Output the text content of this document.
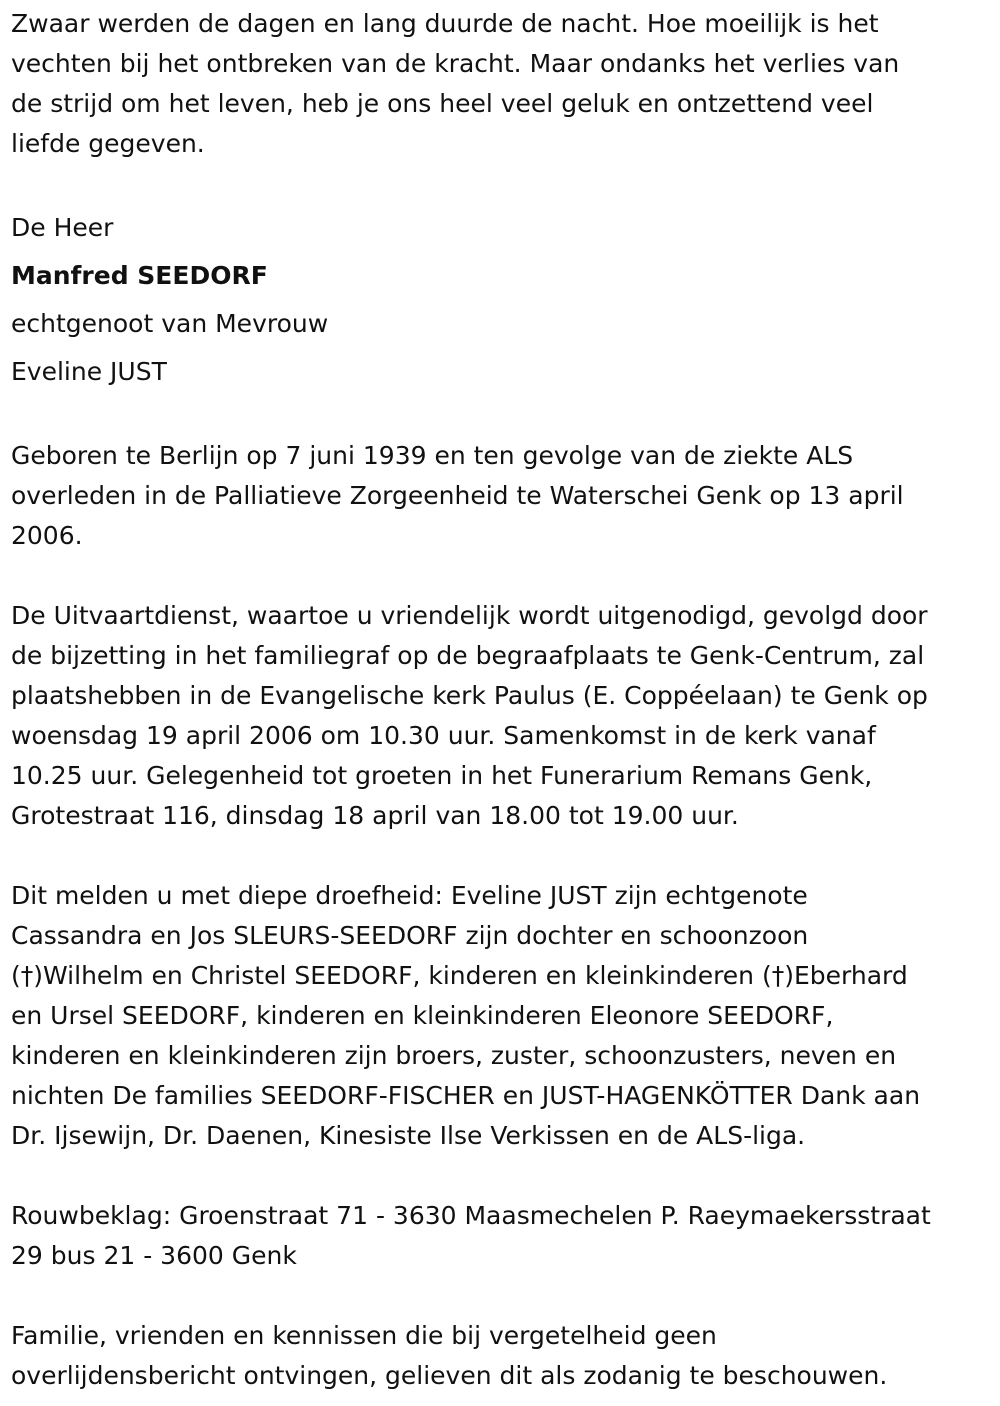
Zwaar werden de dagen en lang duurde de nacht. Hoe moeilijk is het
vechten bij het ontbreken van de kracht. Maar ondanks het verlies van
de strijd om het leven, heb je ons heel veel geluk en ontzettend veel
liefde gegeven.

De Heer

Manfred SEEDORF

echtgenoot van Mevrouw

Eveline JUST

Geboren te Berlijn op 7 juni 1939 en ten gevolge van de ziekte ALS
overleden in de Palliatieve Zorgeenheid te Waterschei Genk op 13 april
2006.

De Uitvaartdienst, waartoe u vriendelijk wordt uitgenodigd, gevolgd door
de bijzetting in het familiegraf op de begraafplaats te Genk-Centrum, zal
plaatshebben in de Evangelische kerk Paulus (E. Coppéelaan) te Genk op
woensdag 19 april 2006 om 10.30 uur. Samenkomst in de kerk vanaf
10.25 uur. Gelegenheid tot groeten in het Funerarium Remans Genk,
Grotestraat 116, dinsdag 18 april van 18.00 tot 19.00 uur.

Dit melden u met diepe droefheid: Eveline JUST zijn echtgenote
Cassandra en Jos SLEURS-SEEDORF zijn dochter en schoonzoon
(†)Wilhelm en Christel SEEDORF, kinderen en kleinkinderen (†)Eberhard
en Ursel SEEDORF, kinderen en kleinkinderen Eleonore SEEDORF,
kinderen en kleinkinderen zijn broers, zuster, schoonzusters, neven en
nichten De families SEEDORF-FISCHER en JUST-HAGENKÖTTER Dank aan
Dr. Ijsewijn, Dr. Daenen, Kinesiste Ilse Verkissen en de ALS-liga.

Rouwbeklag: Groenstraat 71 - 3630 Maasmechelen P. Raeymaekersstraat
29 bus 21 - 3600 Genk

Familie, vrienden en kennissen die bij vergetelheid geen
overlijdensbericht ontvingen, gelieven dit als zodanig te beschouwen.
